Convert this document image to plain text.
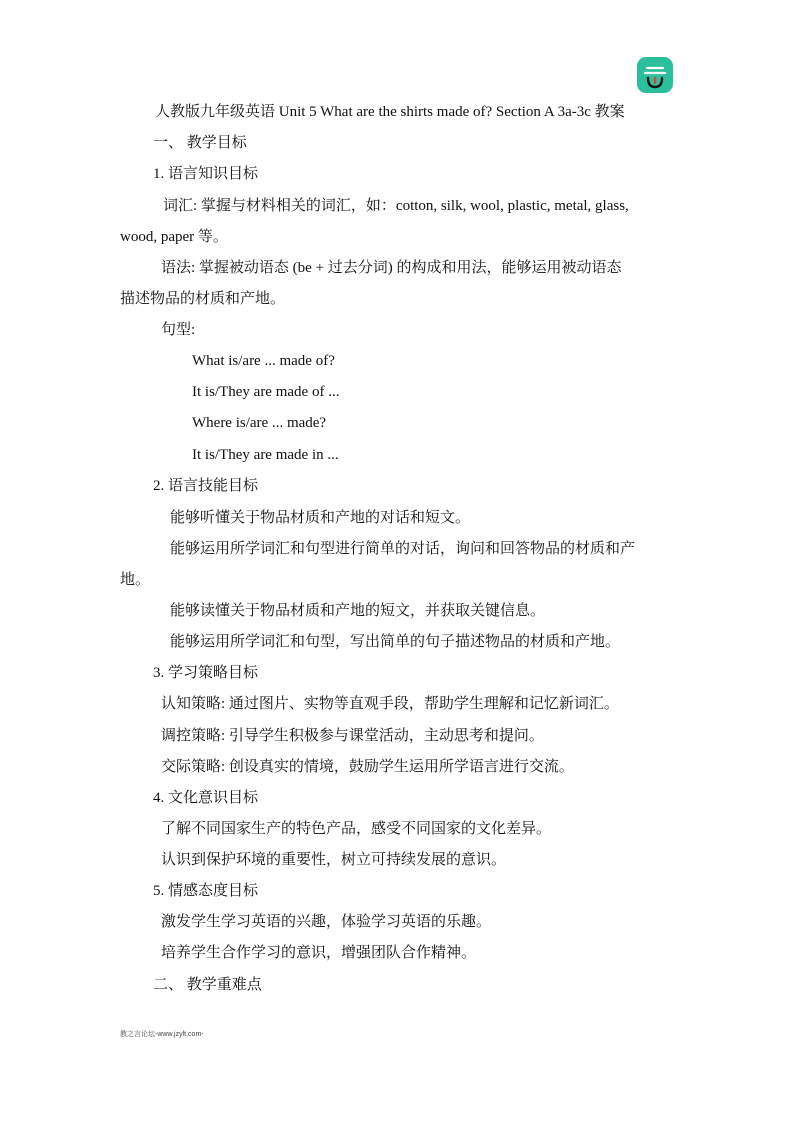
人教版九年级英语 Unit 5 What are the shirts made of? Section A 3a-3c 教案
一、 教学目标
1. 语言知识目标
词汇: 掌握与材料相关的词汇，如：cotton, silk, wool, plastic, metal, glass,
wood, paper 等。
语法: 掌握被动语态 (be + 过去分词) 的构成和用法，能够运用被动语态
描述物品的材质和产地。
句型:
What is/are ... made of?
It is/They are made of ...
Where is/are ... made?
It is/They are made in ...
2. 语言技能目标
能够听懂关于物品材质和产地的对话和短文。
能够运用所学词汇和句型进行简单的对话，询问和回答物品的材质和产
地。
能够读懂关于物品材质和产地的短文，并获取关键信息。
能够运用所学词汇和句型，写出简单的句子描述物品的材质和产地。
3. 学习策略目标
认知策略: 通过图片、实物等直观手段，帮助学生理解和记忆新词汇。
调控策略: 引导学生积极参与课堂活动，主动思考和提问。
交际策略: 创设真实的情境，鼓励学生运用所学语言进行交流。
4. 文化意识目标
了解不同国家生产的特色产品，感受不同国家的文化差异。
认识到保护环境的重要性，树立可持续发展的意识。
5. 情感态度目标
激发学生学习英语的兴趣，体验学习英语的乐趣。
培养学生合作学习的意识，增强团队合作精神。
二、 教学重难点
教之言论坛-www.jzylt.com-
